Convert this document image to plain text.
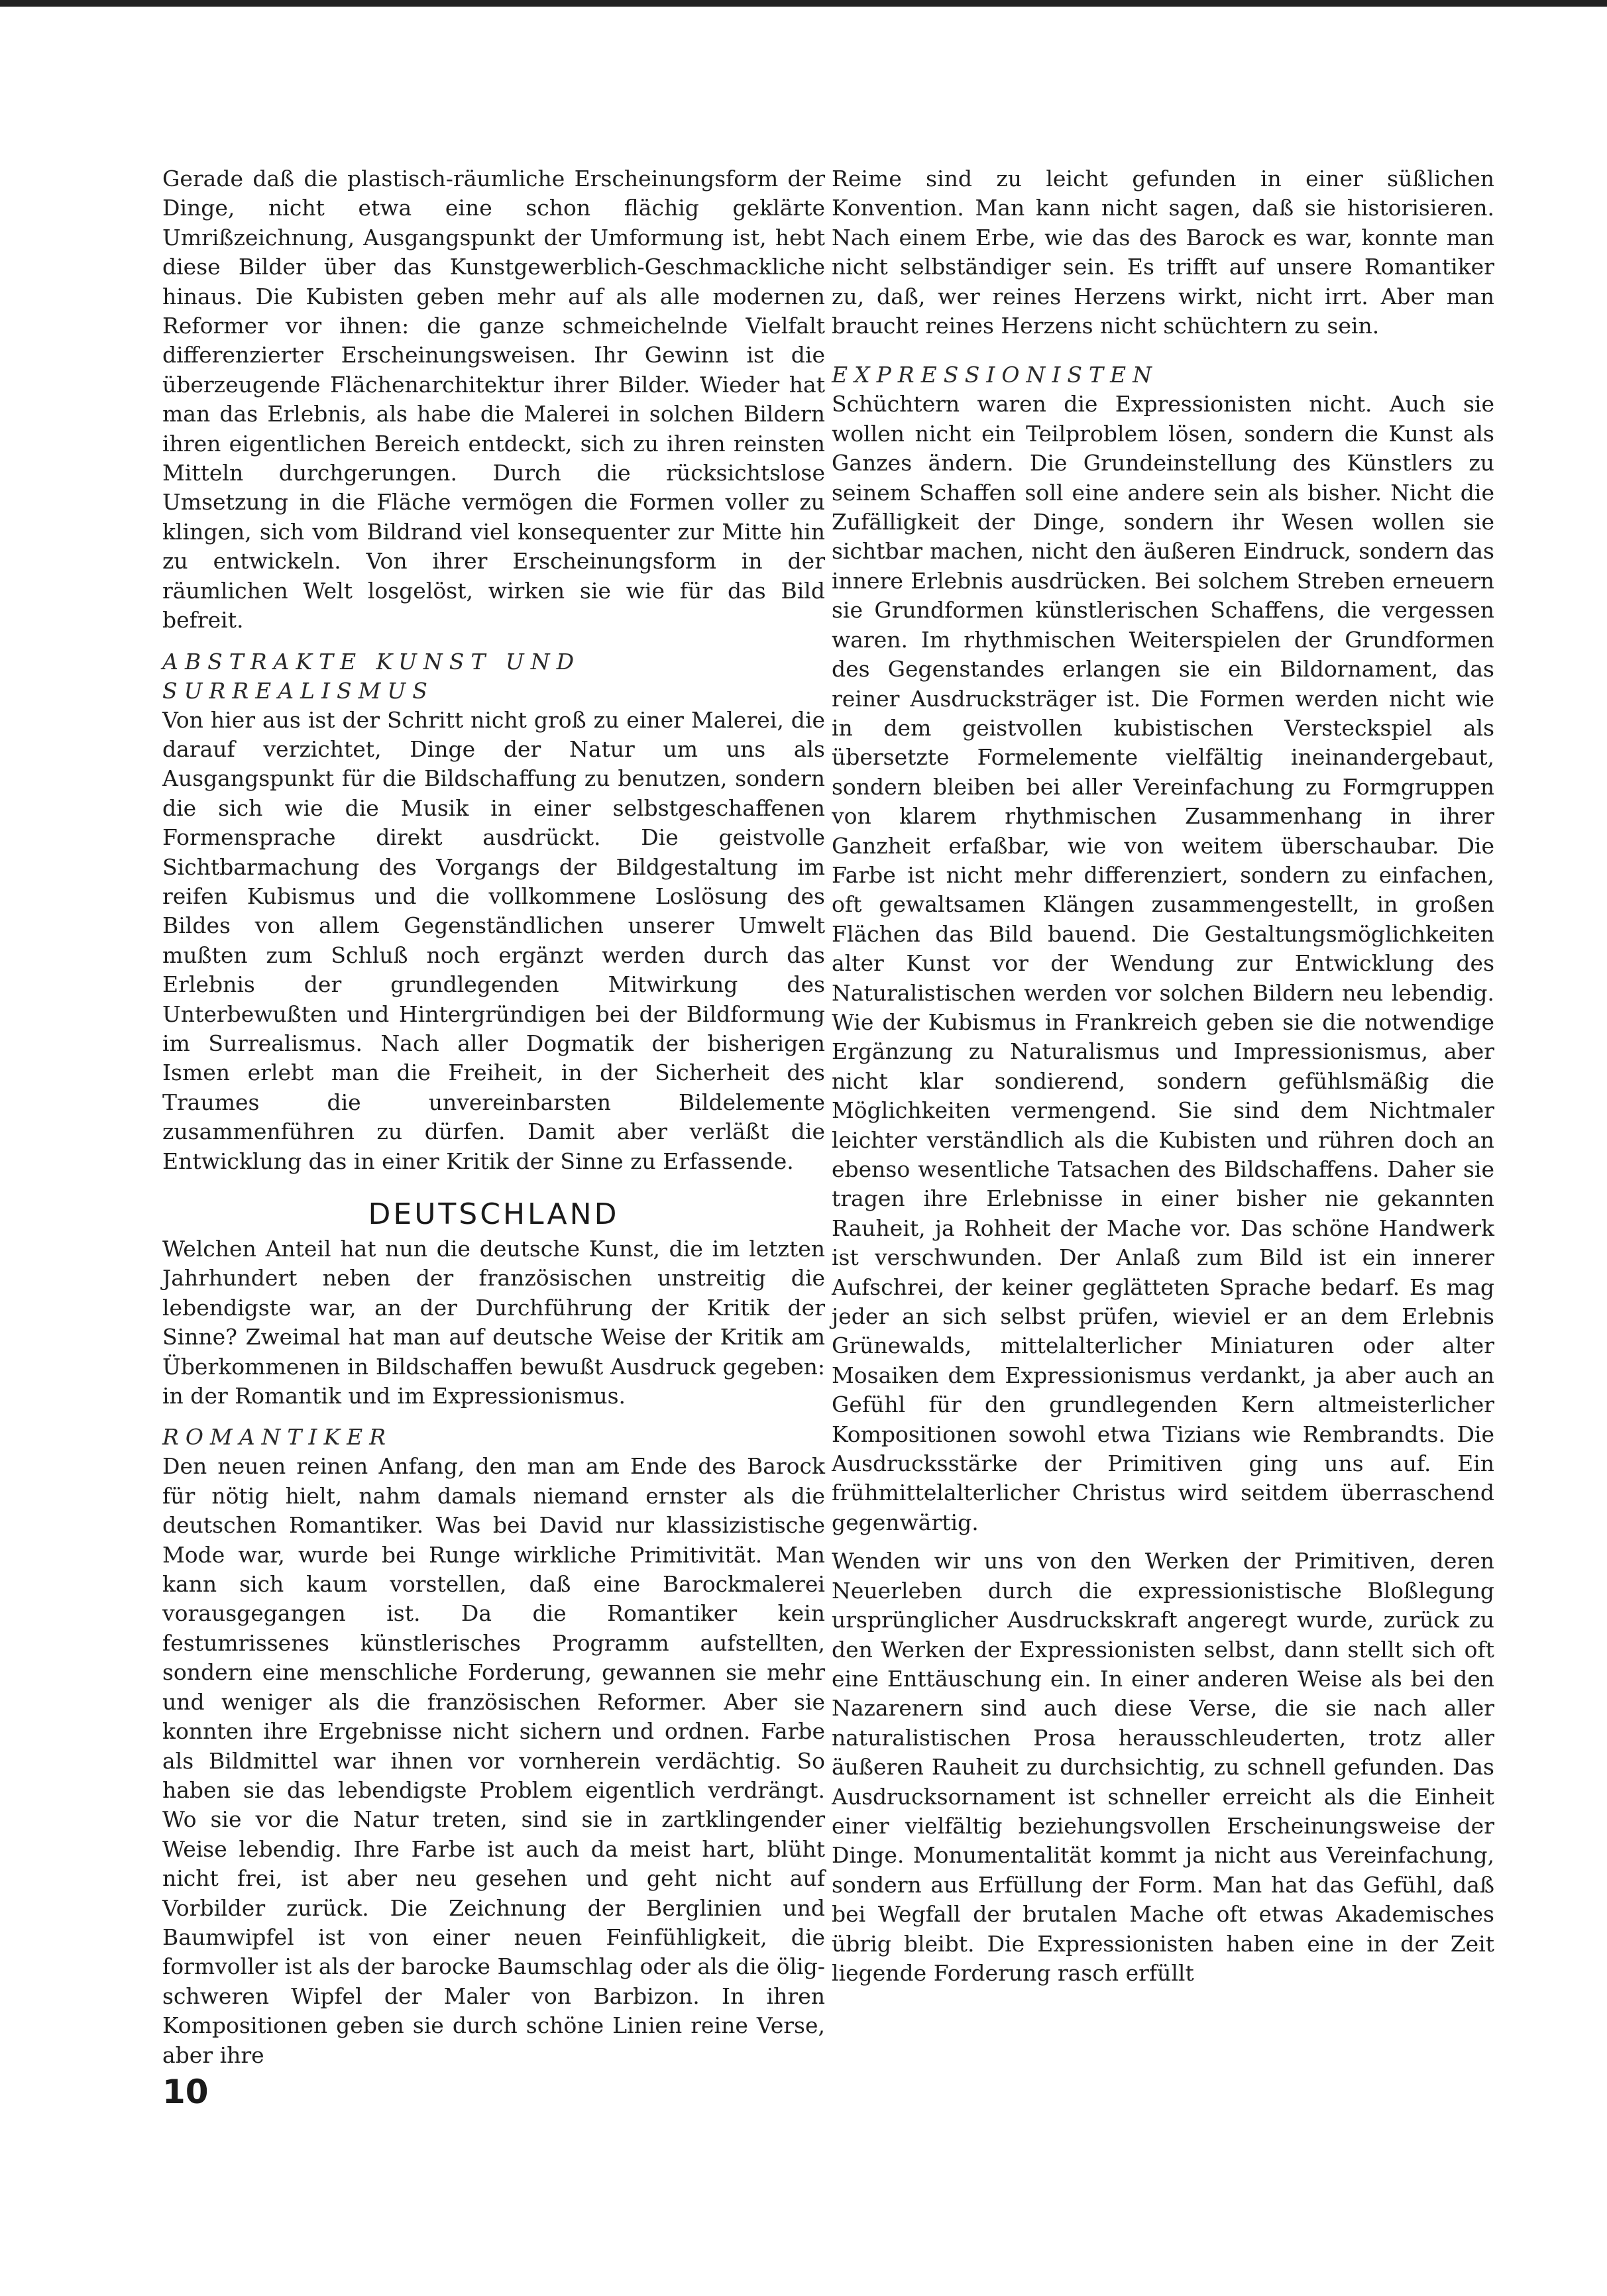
Gerade daß die plastisch-räumliche Erscheinungsform der Dinge, nicht etwa eine schon flächig geklärte Umrißzeichnung, Ausgangspunkt der Umformung ist, hebt diese Bilder über das Kunstgewerblich-Geschmackliche hinaus. Die Kubisten geben mehr auf als alle modernen Reformer vor ihnen: die ganze schmeichelnde Vielfalt differenzierter Erscheinungsweisen. Ihr Gewinn ist die überzeugende Flächenarchitektur ihrer Bilder. Wieder hat man das Erlebnis, als habe die Malerei in solchen Bildern ihren eigentlichen Bereich entdeckt, sich zu ihren reinsten Mitteln durchgerungen. Durch die rücksichtslose Umsetzung in die Fläche vermögen die Formen voller zu klingen, sich vom Bildrand viel konsequenter zur Mitte hin zu entwickeln. Von ihrer Erscheinungsform in der räumlichen Welt losgelöst, wirken sie wie für das Bild befreit.

ABSTRAKTE KUNST UND
SURREALISMUS

Von hier aus ist der Schritt nicht groß zu einer Malerei, die darauf verzichtet, Dinge der Natur um uns als Ausgangspunkt für die Bildschaffung zu benutzen, sondern die sich wie die Musik in einer selbstgeschaffenen Formensprache direkt ausdrückt. Die geistvolle Sichtbarmachung des Vorgangs der Bildgestaltung im reifen Kubismus und die vollkommene Loslösung des Bildes von allem Gegenständlichen unserer Umwelt mußten zum Schluß noch ergänzt werden durch das Erlebnis der grundlegenden Mitwirkung des Unterbewußten und Hintergründigen bei der Bildformung im Surrealismus. Nach aller Dogmatik der bisherigen Ismen erlebt man die Freiheit, in der Sicherheit des Traumes die unvereinbarsten Bildelemente zusammenführen zu dürfen. Damit aber verläßt die Entwicklung das in einer Kritik der Sinne zu Erfassende.

DEUTSCHLAND

Welchen Anteil hat nun die deutsche Kunst, die im letzten Jahrhundert neben der französischen unstreitig die lebendigste war, an der Durchführung der Kritik der Sinne? Zweimal hat man auf deutsche Weise der Kritik am Überkommenen in Bildschaffen bewußt Ausdruck gegeben: in der Romantik und im Expressionismus.

ROMANTIKER

Den neuen reinen Anfang, den man am Ende des Barock für nötig hielt, nahm damals niemand ernster als die deutschen Romantiker. Was bei David nur klassizistische Mode war, wurde bei Runge wirkliche Primitivität. Man kann sich kaum vorstellen, daß eine Barockmalerei vorausgegangen ist. Da die Romantiker kein festumrissenes künstlerisches Programm aufstellten, sondern eine menschliche Forderung, gewannen sie mehr und weniger als die französischen Reformer. Aber sie konnten ihre Ergebnisse nicht sichern und ordnen. Farbe als Bildmittel war ihnen vor vornherein verdächtig. So haben sie das lebendigste Problem eigentlich verdrängt. Wo sie vor die Natur treten, sind sie in zartklingender Weise lebendig. Ihre Farbe ist auch da meist hart, blüht nicht frei, ist aber neu gesehen und geht nicht auf Vorbilder zurück. Die Zeichnung der Berglinien und Baumwipfel ist von einer neuen Feinfühligkeit, die formvoller ist als der barocke Baumschlag oder als die ölig-schweren Wipfel der Maler von Barbizon. In ihren Kompositionen geben sie durch schöne Linien reine Verse, aber ihre

Reime sind zu leicht gefunden in einer süßlichen Konvention. Man kann nicht sagen, daß sie historisieren. Nach einem Erbe, wie das des Barock es war, konnte man nicht selbständiger sein. Es trifft auf unsere Romantiker zu, daß, wer reines Herzens wirkt, nicht irrt. Aber man braucht reines Herzens nicht schüchtern zu sein.

EXPRESSIONISTEN

Schüchtern waren die Expressionisten nicht. Auch sie wollen nicht ein Teilproblem lösen, sondern die Kunst als Ganzes ändern. Die Grundeinstellung des Künstlers zu seinem Schaffen soll eine andere sein als bisher. Nicht die Zufälligkeit der Dinge, sondern ihr Wesen wollen sie sichtbar machen, nicht den äußeren Eindruck, sondern das innere Erlebnis ausdrücken. Bei solchem Streben erneuern sie Grundformen künstlerischen Schaffens, die vergessen waren. Im rhythmischen Weiterspielen der Grundformen des Gegenstandes erlangen sie ein Bildornament, das reiner Ausdrucksträger ist. Die Formen werden nicht wie in dem geistvollen kubistischen Versteckspiel als übersetzte Formelemente vielfältig ineinandergebaut, sondern bleiben bei aller Vereinfachung zu Formgruppen von klarem rhythmischen Zusammenhang in ihrer Ganzheit erfaßbar, wie von weitem überschaubar. Die Farbe ist nicht mehr differenziert, sondern zu einfachen, oft gewaltsamen Klängen zusammengestellt, in großen Flächen das Bild bauend. Die Gestaltungsmöglichkeiten alter Kunst vor der Wendung zur Entwicklung des Naturalistischen werden vor solchen Bildern neu lebendig. Wie der Kubismus in Frankreich geben sie die notwendige Ergänzung zu Naturalismus und Impressionismus, aber nicht klar sondierend, sondern gefühlsmäßig die Möglichkeiten vermengend. Sie sind dem Nichtmaler leichter verständlich als die Kubisten und rühren doch an ebenso wesentliche Tatsachen des Bildschaffens. Daher sie tragen ihre Erlebnisse in einer bisher nie gekannten Rauheit, ja Rohheit der Mache vor. Das schöne Handwerk ist verschwunden. Der Anlaß zum Bild ist ein innerer Aufschrei, der keiner geglätteten Sprache bedarf. Es mag jeder an sich selbst prüfen, wieviel er an dem Erlebnis Grünewalds, mittelalterlicher Miniaturen oder alter Mosaiken dem Expressionismus verdankt, ja aber auch an Gefühl für den grundlegenden Kern altmeisterlicher Kompositionen sowohl etwa Tizians wie Rembrandts. Die Ausdrucksstärke der Primitiven ging uns auf. Ein frühmittelalterlicher Christus wird seitdem überraschend gegenwärtig.

Wenden wir uns von den Werken der Primitiven, deren Neuerleben durch die expressionistische Bloßlegung ursprünglicher Ausdruckskraft angeregt wurde, zurück zu den Werken der Expressionisten selbst, dann stellt sich oft eine Enttäuschung ein. In einer anderen Weise als bei den Nazarenern sind auch diese Verse, die sie nach aller naturalistischen Prosa herausschleuderten, trotz aller äußeren Rauheit zu durchsichtig, zu schnell gefunden. Das Ausdrucksornament ist schneller erreicht als die Einheit einer vielfältig beziehungsvollen Erscheinungsweise der Dinge. Monumentalität kommt ja nicht aus Vereinfachung, sondern aus Erfüllung der Form. Man hat das Gefühl, daß bei Wegfall der brutalen Mache oft etwas Akademisches übrig bleibt. Die Expressionisten haben eine in der Zeit liegende Forderung rasch erfüllt

10
